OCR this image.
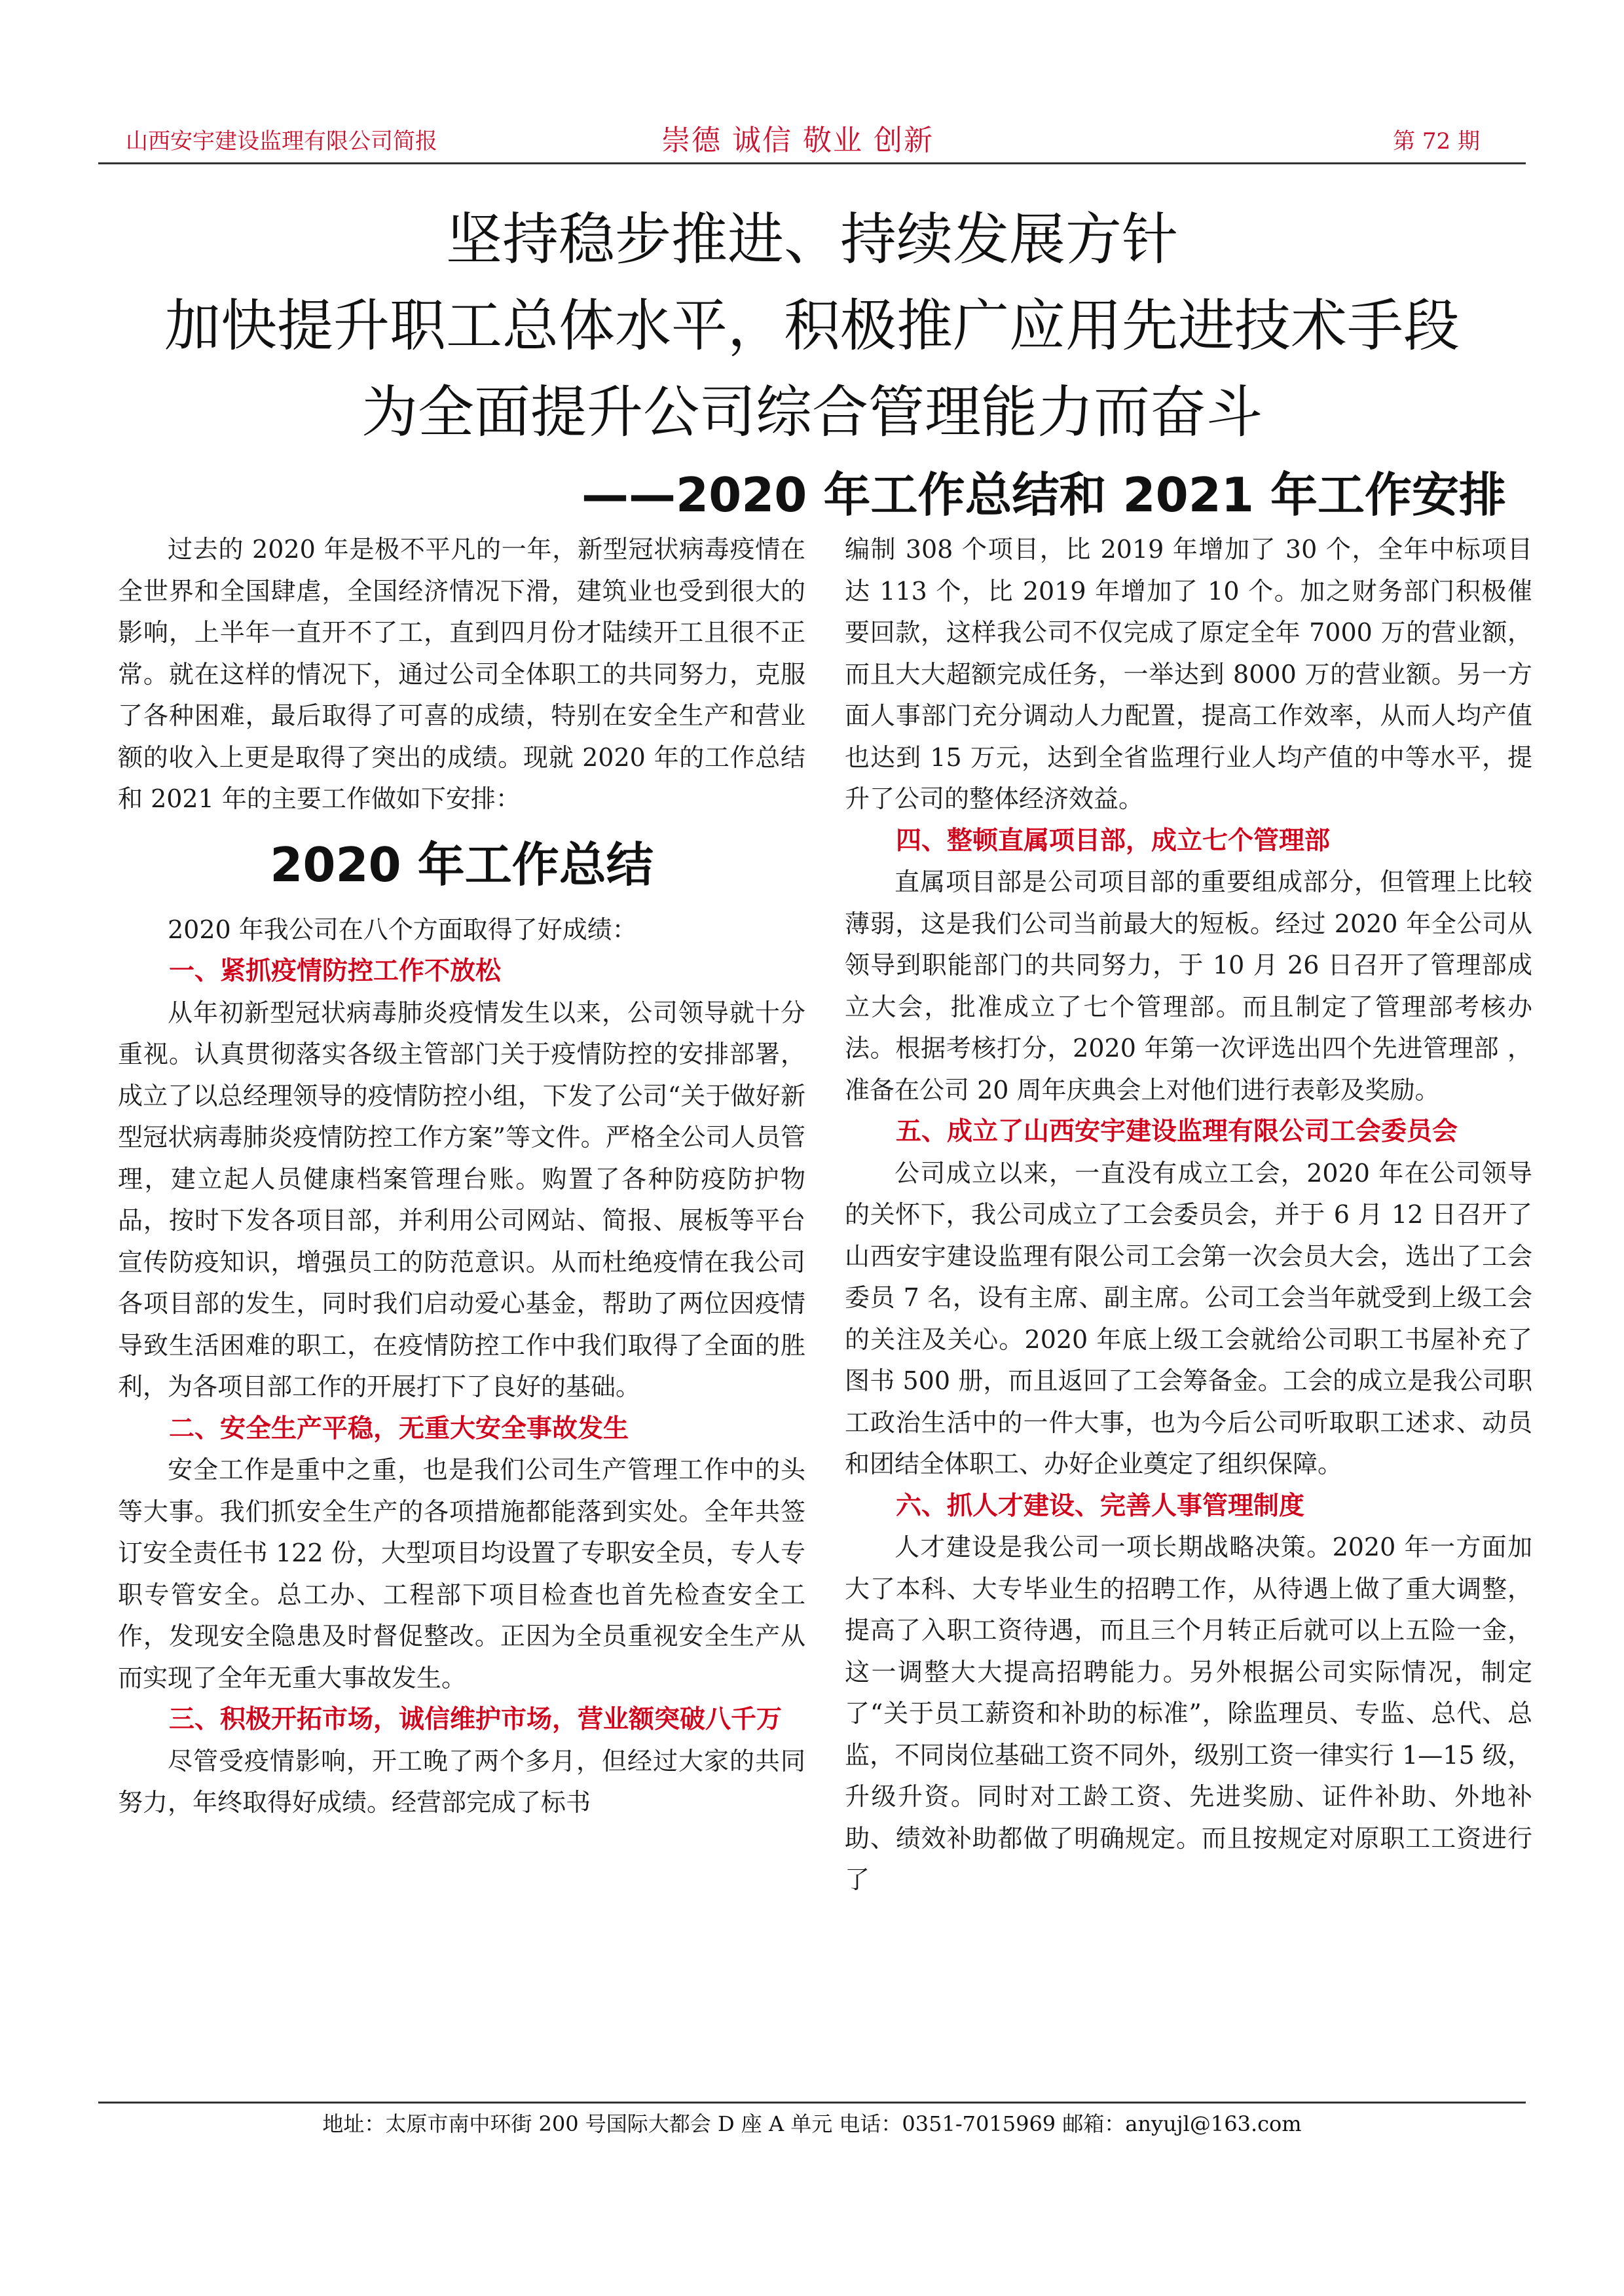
山西安宇建设监理有限公司简报	崇德 诚信 敬业 创新	第 72 期
坚持稳步推进、持续发展方针
加快提升职工总体水平，积极推广应用先进技术手段
为全面提升公司综合管理能力而奋斗
——2020 年工作总结和 2021 年工作安排

过去的 2020 年是极不平凡的一年，新型冠状病毒疫情在全世界和全国肆虐，全国经济情况下滑，建筑业也受到很大的影响，上半年一直开不了工，直到四月份才陆续开工且很不正常。就在这样的情况下，通过公司全体职工的共同努力，克服了各种困难，最后取得了可喜的成绩，特别在安全生产和营业额的收入上更是取得了突出的成绩。现就 2020 年的工作总结和 2021 年的主要工作做如下安排：

2020 年工作总结

2020 年我公司在八个方面取得了好成绩：

一、紧抓疫情防控工作不放松

从年初新型冠状病毒肺炎疫情发生以来，公司领导就十分重视。认真贯彻落实各级主管部门关于疫情防控的安排部署，成立了以总经理领导的疫情防控小组，下发了公司“关于做好新型冠状病毒肺炎疫情防控工作方案”等文件。严格全公司人员管理，建立起人员健康档案管理台账。购置了各种防疫防护物品，按时下发各项目部，并利用公司网站、简报、展板等平台宣传防疫知识，增强员工的防范意识。从而杜绝疫情在我公司各项目部的发生，同时我们启动爱心基金，帮助了两位因疫情导致生活困难的职工，在疫情防控工作中我们取得了全面的胜利，为各项目部工作的开展打下了良好的基础。

二、安全生产平稳，无重大安全事故发生

安全工作是重中之重，也是我们公司生产管理工作中的头等大事。我们抓安全生产的各项措施都能落到实处。全年共签订安全责任书 122 份，大型项目均设置了专职安全员，专人专职专管安全。总工办、工程部下项目检查也首先检查安全工作，发现安全隐患及时督促整改。正因为全员重视安全生产从而实现了全年无重大事故发生。

三、积极开拓市场，诚信维护市场，营业额突破八千万

尽管受疫情影响，开工晚了两个多月，但经过大家的共同努力，年终取得好成绩。经营部完成了标书

编制 308 个项目，比 2019 年增加了 30 个，全年中标项目达 113 个，比 2019 年增加了 10 个。加之财务部门积极催要回款，这样我公司不仅完成了原定全年 7000 万的营业额，而且大大超额完成任务，一举达到 8000 万的营业额。另一方面人事部门充分调动人力配置，提高工作效率，从而人均产值也达到 15 万元，达到全省监理行业人均产值的中等水平，提升了公司的整体经济效益。

四、整顿直属项目部，成立七个管理部

直属项目部是公司项目部的重要组成部分，但管理上比较薄弱，这是我们公司当前最大的短板。经过 2020 年全公司从领导到职能部门的共同努力，于 10 月 26 日召开了管理部成立大会，批准成立了七个管理部。而且制定了管理部考核办法。根据考核打分，2020 年第一次评选出四个先进管理部 ，准备在公司 20 周年庆典会上对他们进行表彰及奖励。

五、成立了山西安宇建设监理有限公司工会委员会

公司成立以来，一直没有成立工会，2020 年在公司领导的关怀下，我公司成立了工会委员会，并于 6 月 12 日召开了山西安宇建设监理有限公司工会第一次会员大会，选出了工会委员 7 名，设有主席、副主席。公司工会当年就受到上级工会的关注及关心。2020 年底上级工会就给公司职工书屋补充了图书 500 册，而且返回了工会筹备金。工会的成立是我公司职工政治生活中的一件大事，也为今后公司听取职工述求、动员和团结全体职工、办好企业奠定了组织保障。

六、抓人才建设、完善人事管理制度

人才建设是我公司一项长期战略决策。2020 年一方面加大了本科、大专毕业生的招聘工作，从待遇上做了重大调整，提高了入职工资待遇，而且三个月转正后就可以上五险一金，这一调整大大提高招聘能力。另外根据公司实际情况，制定了“关于员工薪资和补助的标准”，除监理员、专监、总代、总监，不同岗位基础工资不同外，级别工资一律实行 1—15 级，升级升资。同时对工龄工资、先进奖励、证件补助、外地补助、绩效补助都做了明确规定。而且按规定对原职工工资进行了

地址：太原市南中环街 200 号国际大都会 D 座 A 单元 电话：0351-7015969 邮箱：anyujl@163.com
